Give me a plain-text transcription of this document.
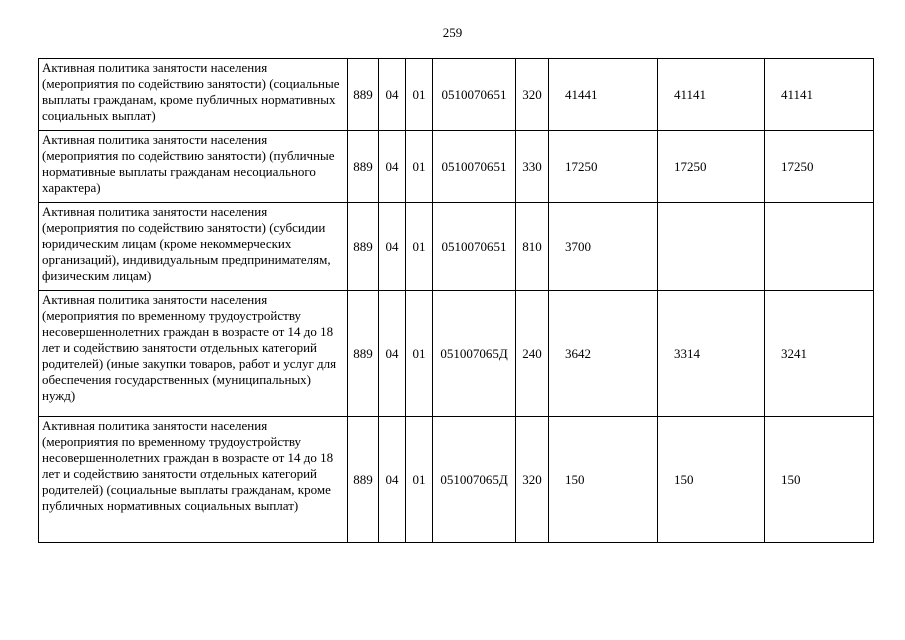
259
Активная политика занятости населения (мероприятия по содействию занятости) (социальные выплаты гражданам, кроме публичных нормативных социальных выплат)	889	04	01	0510070651	320	41441	41141	41141
Активная политика занятости населения (мероприятия по содействию занятости) (публичные нормативные выплаты гражданам несоциального характера)	889	04	01	0510070651	330	17250	17250	17250
Активная политика занятости населения (мероприятия по содействию занятости) (субсидии юридическим лицам (кроме некоммерческих организаций), индивидуальным предпринимателям, физическим лицам)	889	04	01	0510070651	810	3700		
Активная политика занятости населения (мероприятия по временному трудоустройству несовершеннолетних граждан в возрасте от 14 до 18 лет и содействию занятости отдельных категорий родителей) (иные закупки товаров, работ и услуг для обеспечения государственных (муниципальных) нужд)	889	04	01	051007065Д	240	3642	3314	3241
Активная политика занятости населения (мероприятия по временному трудоустройству несовершеннолетних граждан в возрасте от 14 до 18 лет и содействию занятости отдельных категорий родителей) (социальные выплаты гражданам, кроме публичных нормативных социальных выплат)	889	04	01	051007065Д	320	150	150	150
